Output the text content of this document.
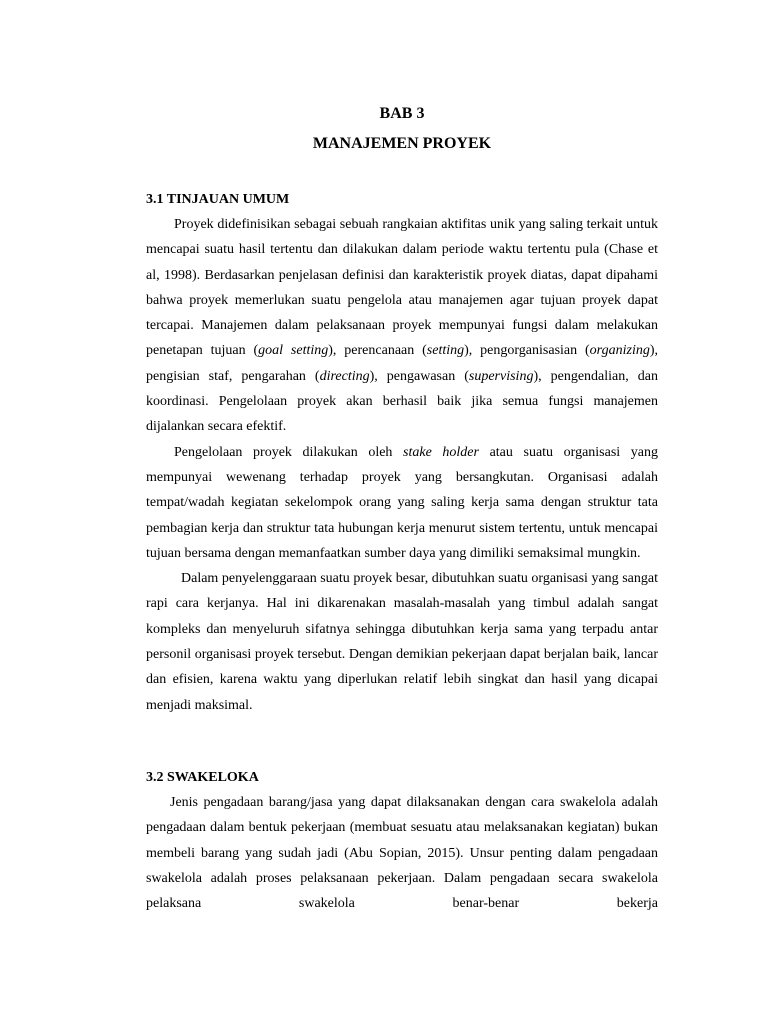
BAB 3
MANAJEMEN PROYEK
3.1 TINJAUAN UMUM

Proyek didefinisikan sebagai sebuah rangkaian aktifitas unik yang saling terkait untuk mencapai suatu hasil tertentu dan dilakukan dalam periode waktu tertentu pula (Chase et al, 1998). Berdasarkan penjelasan definisi dan karakteristik proyek diatas, dapat dipahami bahwa proyek memerlukan suatu pengelola atau manajemen agar tujuan proyek dapat tercapai. Manajemen dalam pelaksanaan proyek mempunyai fungsi dalam melakukan penetapan tujuan (goal setting), perencanaan (setting), pengorganisasian (organizing), pengisian staf, pengarahan (directing), pengawasan (supervising), pengendalian, dan koordinasi. Pengelolaan proyek akan berhasil baik jika semua fungsi manajemen dijalankan secara efektif.

Pengelolaan proyek dilakukan oleh stake holder atau suatu organisasi yang mempunyai wewenang terhadap proyek yang bersangkutan. Organisasi adalah tempat/wadah kegiatan sekelompok orang yang saling kerja sama dengan struktur tata pembagian kerja dan struktur tata hubungan kerja menurut sistem tertentu, untuk mencapai tujuan bersama dengan memanfaatkan sumber daya yang dimiliki semaksimal mungkin.

Dalam penyelenggaraan suatu proyek besar, dibutuhkan suatu organisasi yang sangat rapi cara kerjanya. Hal ini dikarenakan masalah-masalah yang timbul adalah sangat kompleks dan menyeluruh sifatnya sehingga dibutuhkan kerja sama yang terpadu antar personil organisasi proyek tersebut. Dengan demikian pekerjaan dapat berjalan baik, lancar dan efisien, karena waktu yang diperlukan relatif lebih singkat dan hasil yang dicapai menjadi maksimal.

3.2 SWAKELOKA

Jenis pengadaan barang/jasa yang dapat dilaksanakan dengan cara swakelola adalah pengadaan dalam bentuk pekerjaan (membuat sesuatu atau melaksanakan kegiatan) bukan membeli barang yang sudah jadi (Abu Sopian, 2015). Unsur penting dalam pengadaan swakelola adalah proses pelaksanaan pekerjaan. Dalam pengadaan secara swakelola pelaksana swakelola benar-benar bekerja
